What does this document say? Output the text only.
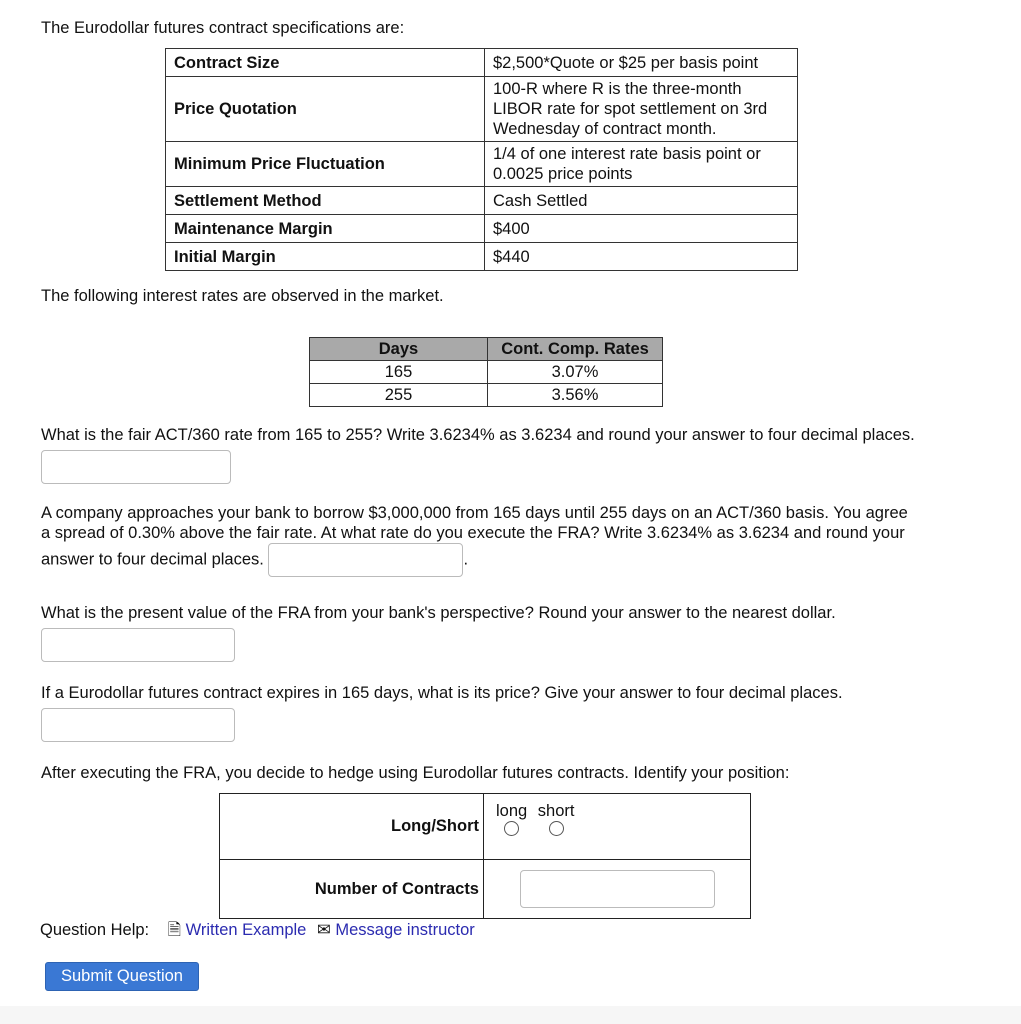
The Eurodollar futures contract specifications are:
Contract Size	$2,500*Quote or $25 per basis point
Price Quotation	100-R where R is the three-month LIBOR rate for spot settlement on 3rd Wednesday of contract month.
Minimum Price Fluctuation	1/4 of one interest rate basis point or 0.0025 price points
Settlement Method	Cash Settled
Maintenance Margin	$400
Initial Margin	$440
The following interest rates are observed in the market.
Days	Cont. Comp. Rates
165	3.07%
255	3.56%
What is the fair ACT/360 rate from 165 to 255? Write 3.6234% as 3.6234 and round your answer to four decimal places.
A company approaches your bank to borrow $3,000,000 from 165 days until 255 days on an ACT/360 basis. You agree a spread of 0.30% above the fair rate. At what rate do you execute the FRA? Write 3.6234% as 3.6234 and round your answer to four decimal places.	.
What is the present value of the FRA from your bank's perspective? Round your answer to the nearest dollar.
If a Eurodollar futures contract expires in 165 days, what is its price? Give your answer to four decimal places.
After executing the FRA, you decide to hedge using Eurodollar futures contracts. Identify your position:
Long/Short	long
short

Number of Contracts	
Question Help: 🗎 Written Example ✉ Message instructor
Submit Question
